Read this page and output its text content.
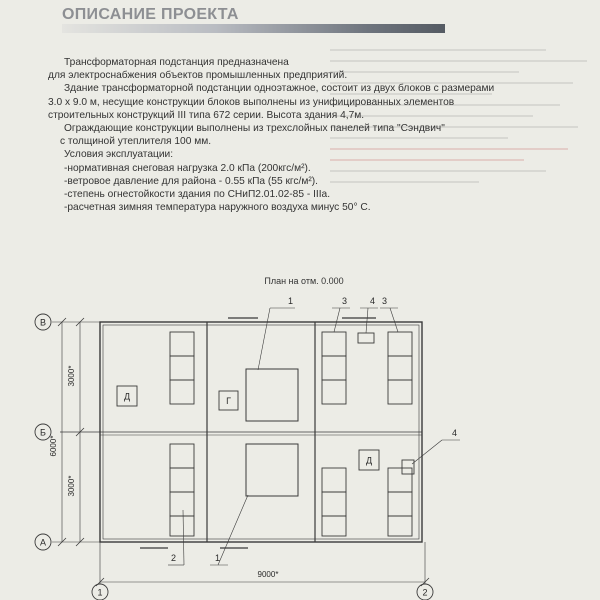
ОПИСАНИЕ ПРОЕКТА

Трансформаторная подстанция предназначена

для электроснабжения объектов промышленных предприятий.

Здание трансформаторной подстанции одноэтажное, состоит из двух блоков с размерами

3.0 х 9.0 м, несущие конструкции блоков выполнены из унифицированных элементов

строительных конструкций III типа 672 серии. Высота здания 4,7м.

Ограждающие конструкции выполнены из трехслойных панелей типа "Сэндвич"

с толщиной утеплителя 100 мм.

Условия эксплуатации:

-нормативная снеговая нагрузка 2.0 кПа (200кгс/м²).

-ветровое давление для района - 0.55 кПа (55 кгс/м²).

-степень огнестойкости здания по СНиП2.01.02-85 - IIIа.

-расчетная зимняя температура наружного воздуха минус 50° С.

План на отм. 0.000
В
Б
А
1	2
6000*
3000*
3000*
9000*
Д	Г
Д
1	3	4 3
4
2	1
